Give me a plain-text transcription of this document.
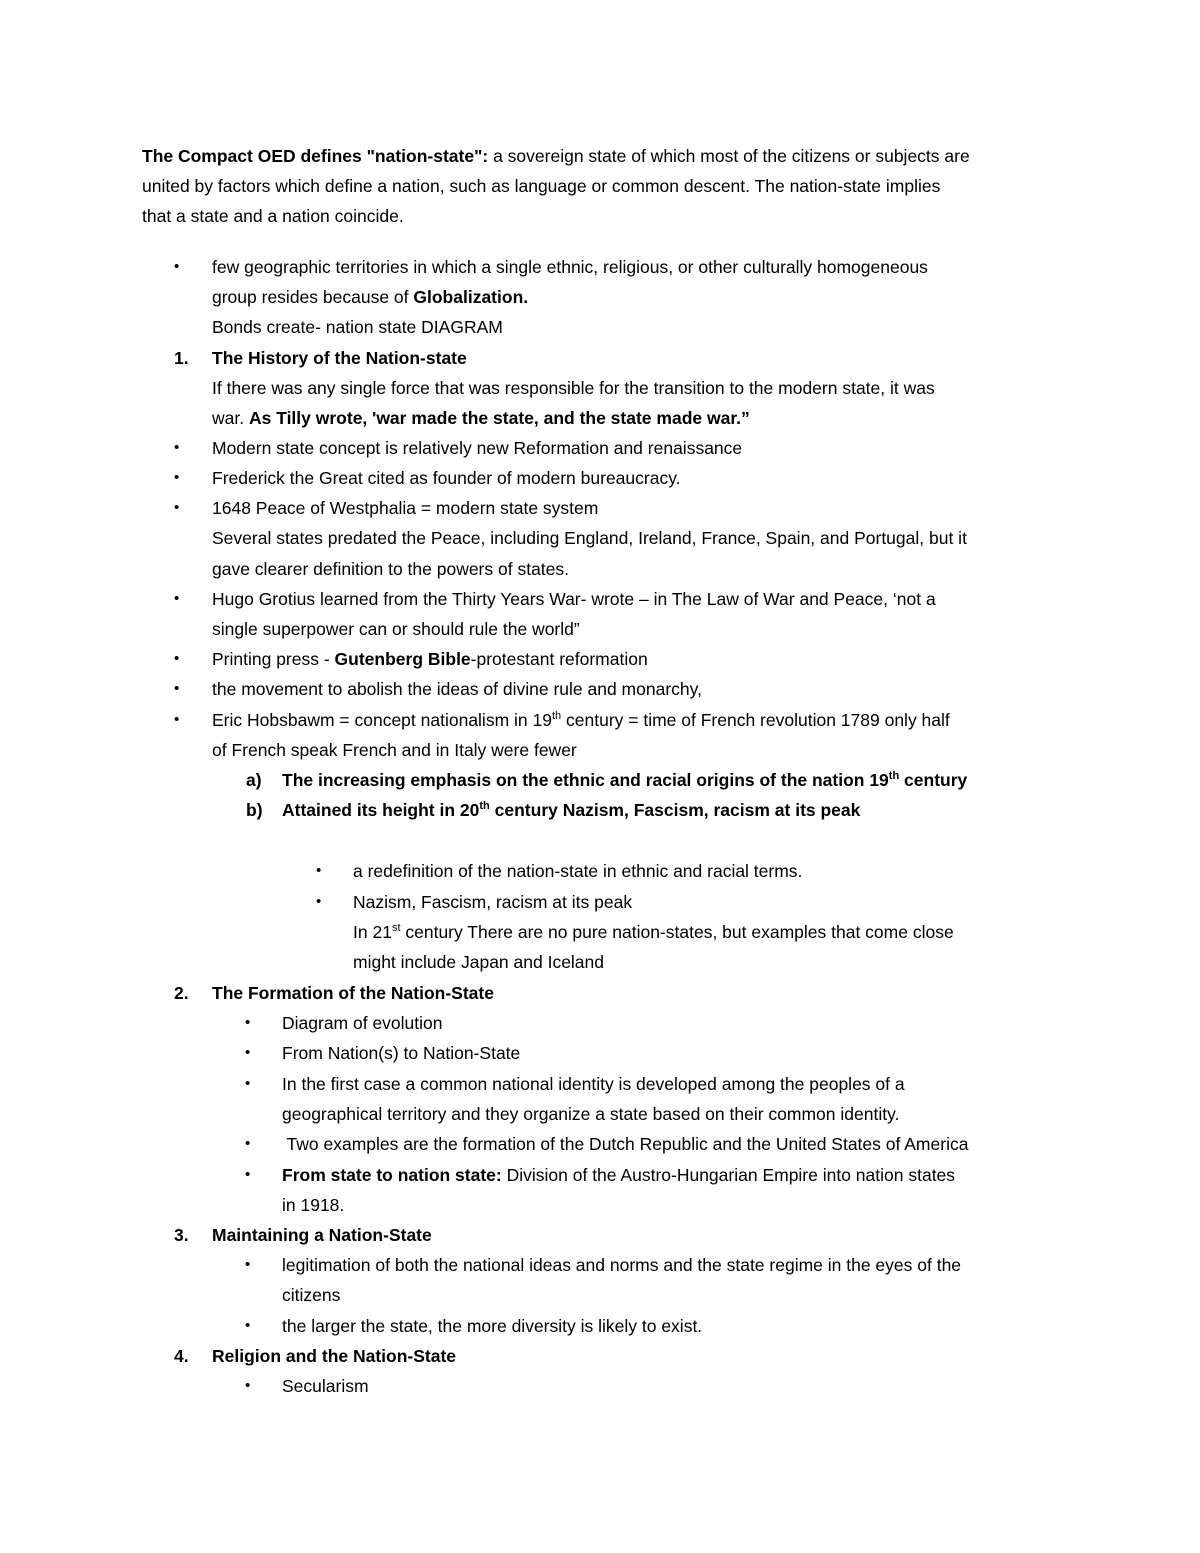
The Compact OED defines "nation-state": a sovereign state of which most of the citizens or subjects are
united by factors which define a nation, such as language or common descent. The nation-state implies
that a state and a nation coincide.
• few geographic territories in which a single ethnic, religious, or other culturally homogeneous
group resides because of Globalization.
Bonds create- nation state DIAGRAM
1. The History of the Nation-state
If there was any single force that was responsible for the transition to the modern state, it was
war. As Tilly wrote, 'war made the state, and the state made war.”
• Modern state concept is relatively new Reformation and renaissance
• Frederick the Great cited as founder of modern bureaucracy.
• 1648 Peace of Westphalia = modern state system
Several states predated the Peace, including England, Ireland, France, Spain, and Portugal, but it
gave clearer definition to the powers of states.
• Hugo Grotius learned from the Thirty Years War- wrote – in The Law of War and Peace, ‘not a
single superpower can or should rule the world”
• Printing press - Gutenberg Bible-protestant reformation
• the movement to abolish the ideas of divine rule and monarchy,
• Eric Hobsbawm = concept nationalism in 19th century = time of French revolution 1789 only half
of French speak French and in Italy were fewer
a) The increasing emphasis on the ethnic and racial origins of the nation 19th century
b) Attained its height in 20th century Nazism, Fascism, racism at its peak
• a redefinition of the nation-state in ethnic and racial terms.
• Nazism, Fascism, racism at its peak
In 21st century There are no pure nation-states, but examples that come close
might include Japan and Iceland
2. The Formation of the Nation-State
• Diagram of evolution
• From Nation(s) to Nation-State
• In the first case a common national identity is developed among the peoples of a
geographical territory and they organize a state based on their common identity.
• Two examples are the formation of the Dutch Republic and the United States of America
• From state to nation state: Division of the Austro-Hungarian Empire into nation states
in 1918.
3. Maintaining a Nation-State
• legitimation of both the national ideas and norms and the state regime in the eyes of the
citizens
• the larger the state, the more diversity is likely to exist.
4. Religion and the Nation-State
• Secularism
